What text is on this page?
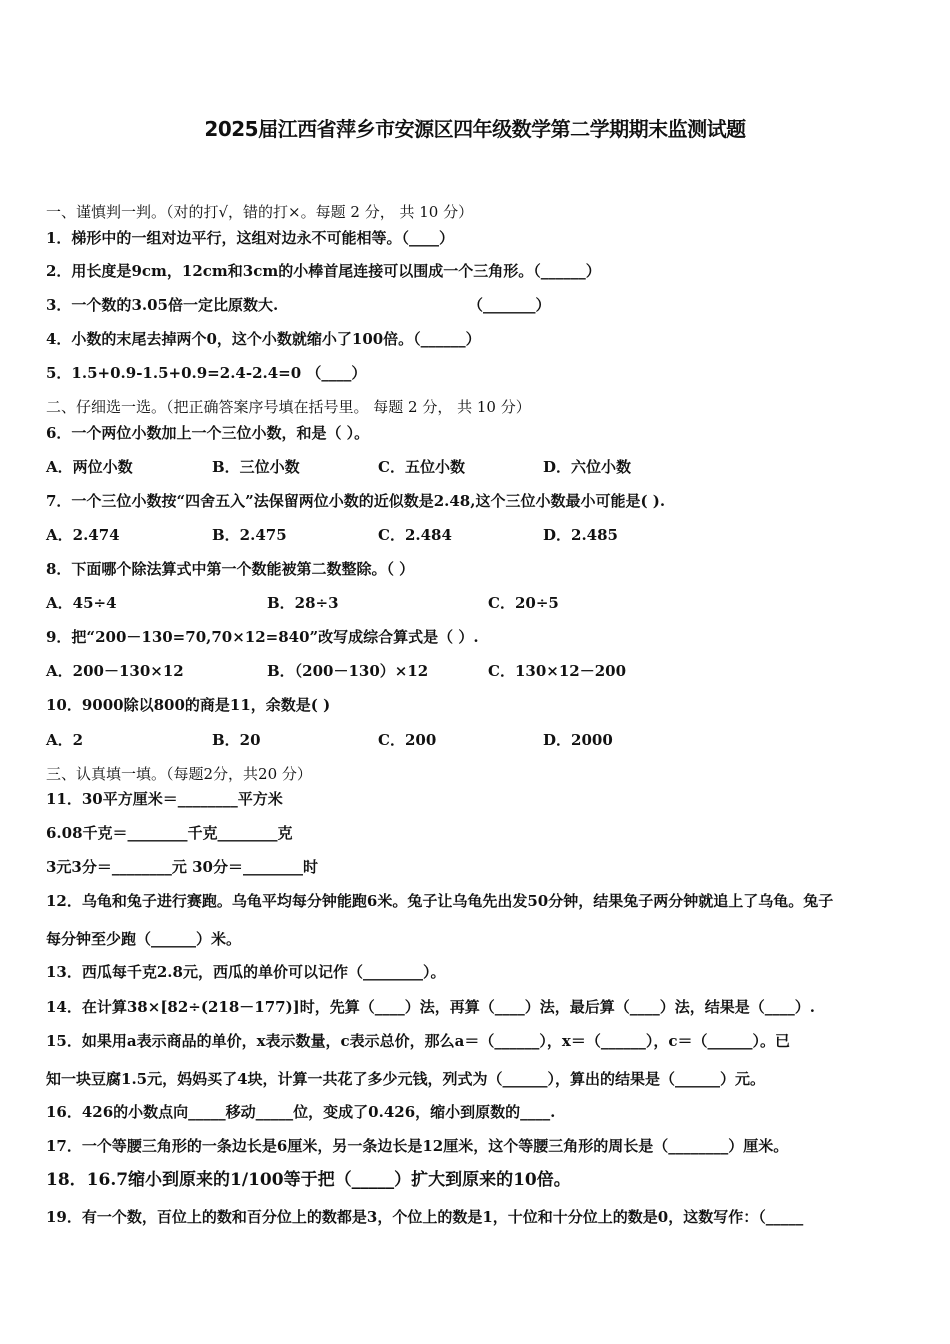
2025届江西省萍乡市安源区四年级数学第二学期期末监测试题
一、谨慎判一判。（对的打√，错的打×。每题 2 分， 共 10 分）
1．梯形中的一组对边平行，这组对边永不可能相等。（____）
2．用长度是9cm，12cm和3cm的小棒首尾连接可以围成一个三角形。（______）
3．一个数的3.05倍一定比原数大.	（_______）
4．小数的末尾去掉两个0，这个小数就缩小了100倍。（______）
5．1.5+0.9-1.5+0.9=2.4-2.4=0 （____）
二、仔细选一选。（把正确答案序号填在括号里。 每题 2 分， 共 10 分）
6．一个两位小数加上一个三位小数，和是（ ）。
A．两位小数	B．三位小数	C．五位小数	D．六位小数
7．一个三位小数按“四舍五入”法保留两位小数的近似数是2.48,这个三位小数最小可能是( ).
A．2.474	B．2.475	C．2.484	D．2.485
8．下面哪个除法算式中第一个数能被第二数整除。（ ）
A．45÷4	B．28÷3	C．20÷5
9．把“200－130=70,70×12=840”改写成综合算式是（ ）.
A．200－130×12	B．（200－130）×12	C．130×12－200
10．9000除以800的商是11，余数是( )
A．2	B．20	C．200	D．2000
三、认真填一填。（每题2分，共20 分）
11．30平方厘米＝________平方米
6.08千克＝________千克________克
3元3分＝________元 30分＝________时
12．乌龟和兔子进行赛跑。乌龟平均每分钟能跑6米。兔子让乌龟先出发50分钟，结果兔子两分钟就追上了乌龟。兔子
每分钟至少跑（______）米。
13．西瓜每千克2.8元，西瓜的单价可以记作（________）。
14．在计算38×[82÷(218－177)]时，先算（____）法，再算（____）法，最后算（____）法，结果是（____）.
15．如果用a表示商品的单价，x表示数量，c表示总价，那么a＝（______），x＝（______），c＝（______）。已
知一块豆腐1.5元，妈妈买了4块，计算一共花了多少元钱，列式为（______），算出的结果是（______）元。
16．426的小数点向_____移动_____位，变成了0.426，缩小到原数的____.
17．一个等腰三角形的一条边长是6厘米，另一条边长是12厘米，这个等腰三角形的周长是（________）厘米。
18．16.7缩小到原来的1/100等于把（_____）扩大到原来的10倍。
19．有一个数，百位上的数和百分位上的数都是3，个位上的数是1，十位和十分位上的数是0，这数写作：（_____
